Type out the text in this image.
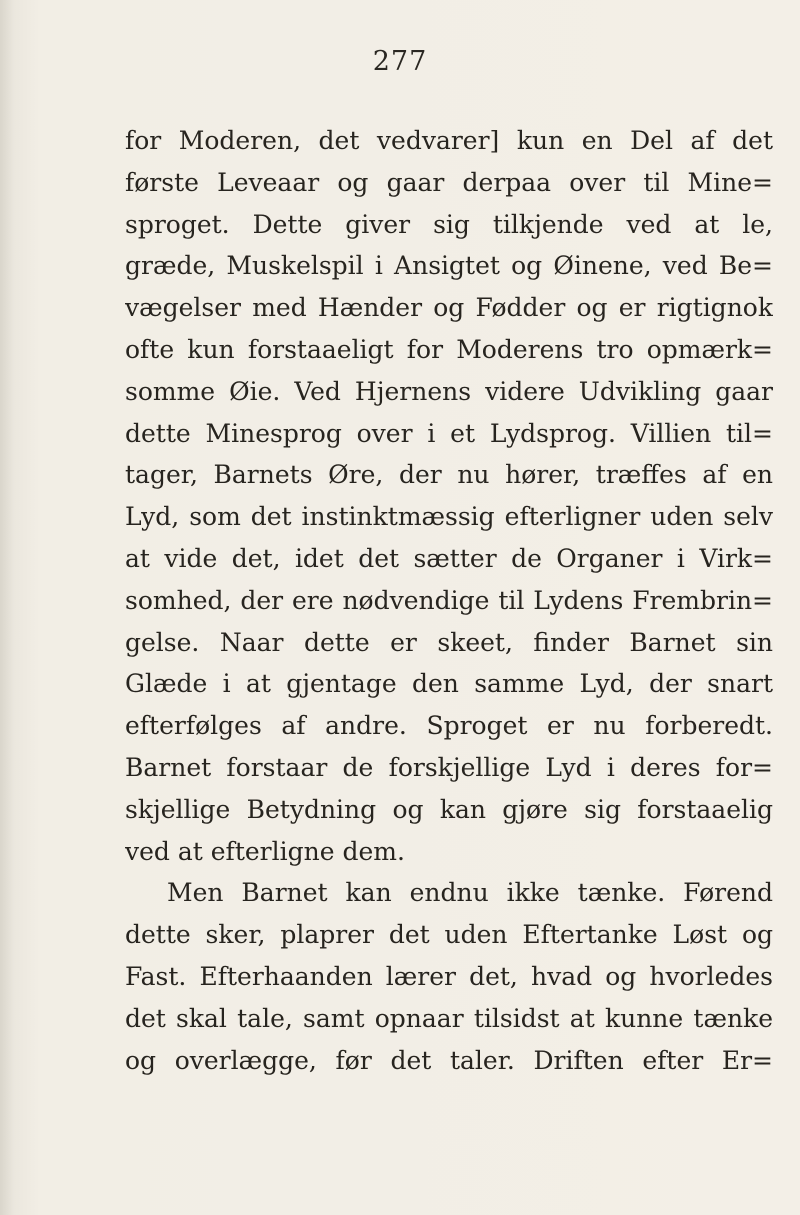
277
for Moderen, det vedvarer] kun en Del af det
første Leveaar og gaar derpaa over til Mine=
sproget. Dette giver sig tilkjende ved at le,
græde, Muskelspil i Ansigtet og Øinene, ved Be=
vægelser med Hænder og Fødder og er rigtignok
ofte kun forstaaeligt for Moderens tro opmærk=
somme Øie. Ved Hjernens videre Udvikling gaar
dette Minesprog over i et Lydsprog. Villien til=
tager, Barnets Øre, der nu hører, træffes af en
Lyd, som det instinktmæssig efterligner uden selv
at vide det, idet det sætter de Organer i Virk=
somhed, der ere nødvendige til Lydens Frembrin=
gelse. Naar dette er skeet, finder Barnet sin
Glæde i at gjentage den samme Lyd, der snart
efterfølges af andre. Sproget er nu forberedt.
Barnet forstaar de forskjellige Lyd i deres for=
skjellige Betydning og kan gjøre sig forstaaelig
ved at efterligne dem.
Men Barnet kan endnu ikke tænke. Førend
dette sker, plaprer det uden Eftertanke Løst og
Fast. Efterhaanden lærer det, hvad og hvorledes
det skal tale, samt opnaar tilsidst at kunne tænke
og overlægge, før det taler. Driften efter Er=
